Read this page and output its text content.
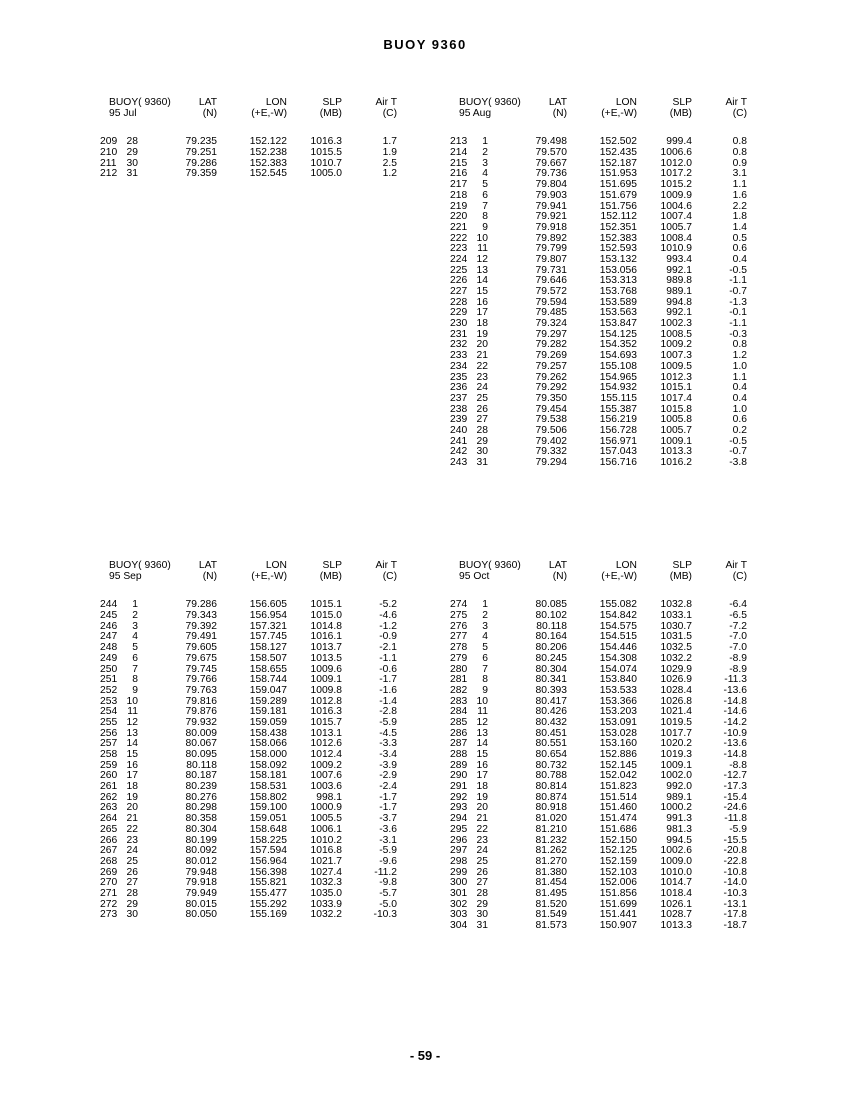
BUOY 9360
BUOY( 9360)	LAT	LON	SLP	Air T
95 Jul	(N)	(+E,-W)	(MB)	(C)
209 28	79.235	152.122 1016.3	1.7
210 29	79.251	152.238 1015.5	1.9
211 30	79.286	152.383 1010.7	2.5
212 31	79.359	152.545 1005.0	1.2
BUOY( 9360)	LAT	LON	SLP	Air T
95 Aug	(N)	(+E,-W)	(MB)	(C)
213 1	79.498	152.502	999.4	0.8
214 2	79.570	152.435 1006.6	0.8
215 3	79.667	152.187 1012.0	0.9
216 4	79.736	151.953 1017.2	3.1
217 5	79.804	151.695 1015.2	1.1
218 6	79.903	151.679 1009.9	1.6
219 7	79.941	151.756 1004.6	2.2
220 8	79.921	152.112 1007.4	1.8
221 9	79.918	152.351 1005.7	1.4
222 10	79.892	152.383 1008.4	0.5
223 11	79.799	152.593 1010.9	0.6
224 12	79.807	153.132	993.4	0.4
225 13	79.731	153.056	992.1	-0.5
226 14	79.646	153.313	989.8	-1.1
227 15	79.572	153.768	989.1	-0.7
228 16	79.594	153.589	994.8	-1.3
229 17	79.485	153.563	992.1	-0.1
230 18	79.324	153.847 1002.3	-1.1
231 19	79.297	154.125 1008.5	-0.3
232 20	79.282	154.352 1009.2	0.8
233 21	79.269	154.693 1007.3	1.2
234 22	79.257	155.108 1009.5	1.0
235 23	79.262	154.965 1012.3	1.1
236 24	79.292	154.932 1015.1	0.4
237 25	79.350	155.115 1017.4	0.4
238 26	79.454	155.387 1015.8	1.0
239 27	79.538	156.219 1005.8	0.6
240 28	79.506	156.728 1005.7	0.2
241 29	79.402	156.971 1009.1	-0.5
242 30	79.332	157.043 1013.3	-0.7
243 31	79.294	156.716 1016.2	-3.8
BUOY( 9360)	LAT	LON	SLP	Air T
95 Sep	(N)	(+E,-W)	(MB)	(C)
244 1	79.286	156.605 1015.1	-5.2
245 2	79.343	156.954 1015.0	-4.6
246 3	79.392	157.321 1014.8	-1.2
247 4	79.491	157.745 1016.1	-0.9
248 5	79.605	158.127 1013.7	-2.1
249 6	79.675	158.507 1013.5	-1.1
250 7	79.745	158.655 1009.6	-0.6
251 8	79.766	158.744 1009.1	-1.7
252 9	79.763	159.047 1009.8	-1.6
253 10	79.816	159.289 1012.8	-1.4
254 11	79.876	159.181 1016.3	-2.8
255 12	79.932	159.059 1015.7	-5.9
256 13	80.009	158.438 1013.1	-4.5
257 14	80.067	158.066 1012.6	-3.3
258 15	80.095	158.000 1012.4	-3.4
259 16	80.118	158.092 1009.2	-3.9
260 17	80.187	158.181 1007.6	-2.9
261 18	80.239	158.531 1003.6	-2.4
262 19	80.276	158.802	998.1	-1.7
263 20	80.298	159.100 1000.9	-1.7
264 21	80.358	159.051 1005.5	-3.7
265 22	80.304	158.648 1006.1	-3.6
266 23	80.199	158.225 1010.2	-3.1
267 24	80.092	157.594 1016.8	-5.9
268 25	80.012	156.964 1021.7	-9.6
269 26	79.948	156.398 1027.4	-11.2
270 27	79.918	155.821 1032.3	-9.8
271 28	79.949	155.477 1035.0	-5.7
272 29	80.015	155.292 1033.9	-5.0
273 30	80.050	155.169 1032.2	-10.3
BUOY( 9360)	LAT	LON	SLP	Air T
95 Oct	(N)	(+E,-W)	(MB)	(C)
274 1	80.085	155.082 1032.8	-6.4
275 2	80.102	154.842 1033.1	-6.5
276 3	80.118	154.575 1030.7	-7.2
277 4	80.164	154.515 1031.5	-7.0
278 5	80.206	154.446 1032.5	-7.0
279 6	80.245	154.308 1032.2	-8.9
280 7	80.304	154.074 1029.9	-8.9
281 8	80.341	153.840 1026.9	-11.3
282 9	80.393	153.533 1028.4	-13.6
283 10	80.417	153.366 1026.8	-14.8
284 11	80.426	153.203 1021.4	-14.6
285 12	80.432	153.091 1019.5	-14.2
286 13	80.451	153.028 1017.7	-10.9
287 14	80.551	153.160 1020.2	-13.6
288 15	80.654	152.886 1019.3	-14.8
289 16	80.732	152.145 1009.1	-8.8
290 17	80.788	152.042 1002.0	-12.7
291 18	80.814	151.823	992.0	-17.3
292 19	80.874	151.514	989.1	-15.4
293 20	80.918	151.460 1000.2	-24.6
294 21	81.020	151.474	991.3	-11.8
295 22	81.210	151.686	981.3	-5.9
296 23	81.232	152.150	994.5	-15.5
297 24	81.262	152.125 1002.6	-20.8
298 25	81.270	152.159 1009.0	-22.8
299 26	81.380	152.103 1010.0	-10.8
300 27	81.454	152.006 1014.7	-14.0
301 28	81.495	151.856 1018.4	-10.3
302 29	81.520	151.699 1026.1	-13.1
303 30	81.549	151.441 1028.7	-17.8
304 31	81.573	150.907 1013.3	-18.7
- 59 -
